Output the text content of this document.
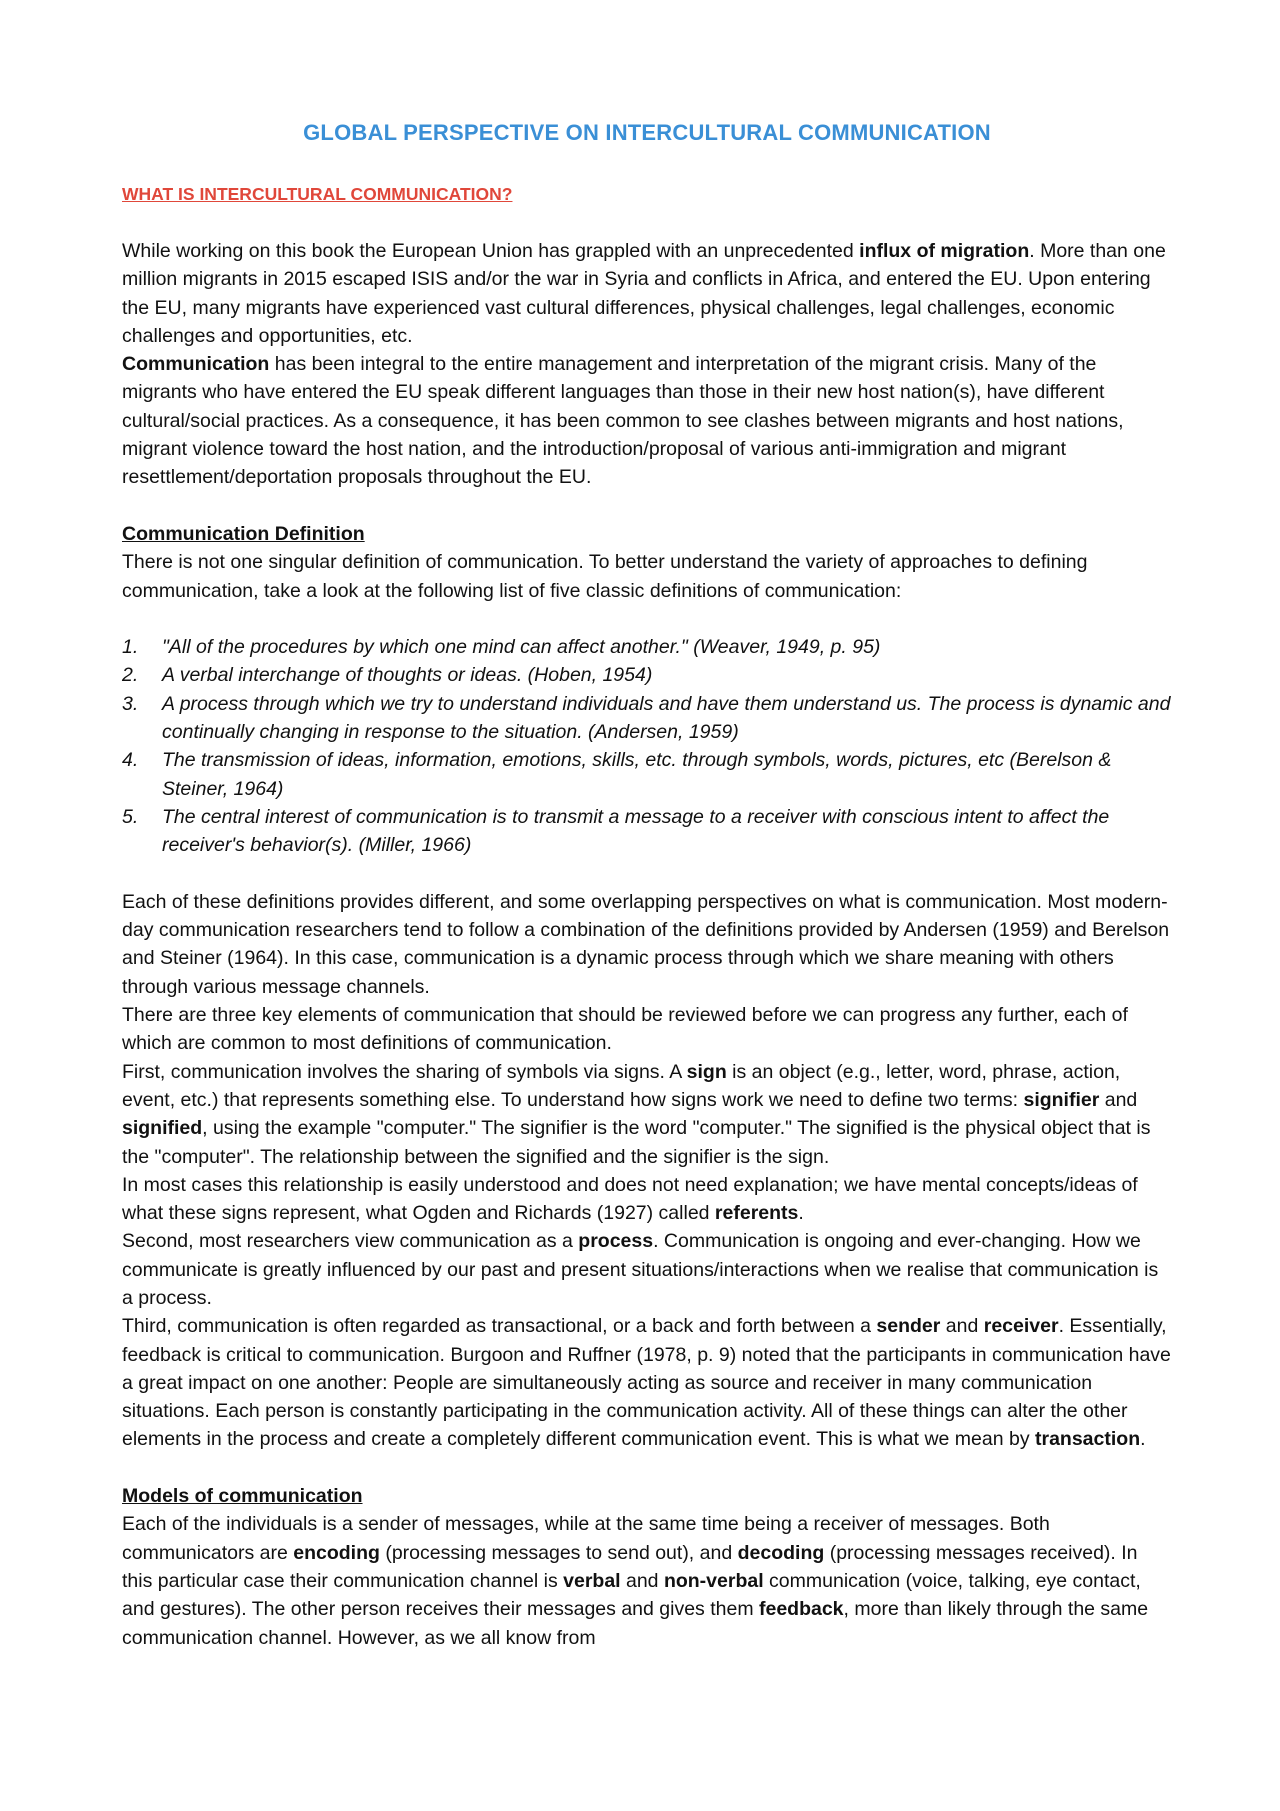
GLOBAL PERSPECTIVE ON INTERCULTURAL COMMUNICATION
WHAT IS INTERCULTURAL COMMUNICATION?

While working on this book the European Union has grappled with an unprecedented influx of migration. More than one million migrants in 2015 escaped ISIS and/or the war in Syria and conflicts in Africa, and entered the EU. Upon entering the EU, many migrants have experienced vast cultural differences, physical challenges, legal challenges, economic challenges and opportunities, etc.

Communication has been integral to the entire management and interpretation of the migrant crisis. Many of the migrants who have entered the EU speak different languages than those in their new host nation(s), have different cultural/social practices. As a consequence, it has been common to see clashes between migrants and host nations, migrant violence toward the host nation, and the introduction/proposal of various anti-immigration and migrant resettlement/deportation proposals throughout the EU.

Communication Definition

There is not one singular definition of communication. To better understand the variety of approaches to defining communication, take a look at the following list of five classic definitions of communication:

1. "All of the procedures by which one mind can affect another." (Weaver, 1949, p. 95)
2. A verbal interchange of thoughts or ideas. (Hoben, 1954)
3. A process through which we try to understand individuals and have them understand us. The process is dynamic and continually changing in response to the situation. (Andersen, 1959)
4. The transmission of ideas, information, emotions, skills, etc. through symbols, words, pictures, etc (Berelson & Steiner, 1964)
5. The central interest of communication is to transmit a message to a receiver with conscious intent to affect the receiver's behavior(s). (Miller, 1966)

Each of these definitions provides different, and some overlapping perspectives on what is communication. Most modern-day communication researchers tend to follow a combination of the definitions provided by Andersen (1959) and Berelson and Steiner (1964). In this case, communication is a dynamic process through which we share meaning with others through various message channels.

There are three key elements of communication that should be reviewed before we can progress any further, each of which are common to most definitions of communication.

First, communication involves the sharing of symbols via signs. A sign is an object (e.g., letter, word, phrase, action, event, etc.) that represents something else. To understand how signs work we need to define two terms: signifier and signified, using the example "computer." The signifier is the word "computer." The signified is the physical object that is the "computer". The relationship between the signified and the signifier is the sign.

In most cases this relationship is easily understood and does not need explanation; we have mental concepts/ideas of what these signs represent, what Ogden and Richards (1927) called referents.

Second, most researchers view communication as a process. Communication is ongoing and ever-changing. How we communicate is greatly influenced by our past and present situations/interactions when we realise that communication is a process.

Third, communication is often regarded as transactional, or a back and forth between a sender and receiver. Essentially, feedback is critical to communication. Burgoon and Ruffner (1978, p. 9) noted that the participants in communication have a great impact on one another: People are simultaneously acting as source and receiver in many communication situations. Each person is constantly participating in the communication activity. All of these things can alter the other elements in the process and create a completely different communication event. This is what we mean by transaction.

Models of communication

Each of the individuals is a sender of messages, while at the same time being a receiver of messages. Both communicators are encoding (processing messages to send out), and decoding (processing messages received). In this particular case their communication channel is verbal and non-verbal communication (voice, talking, eye contact, and gestures). The other person receives their messages and gives them feedback, more than likely through the same communication channel. However, as we all know from
